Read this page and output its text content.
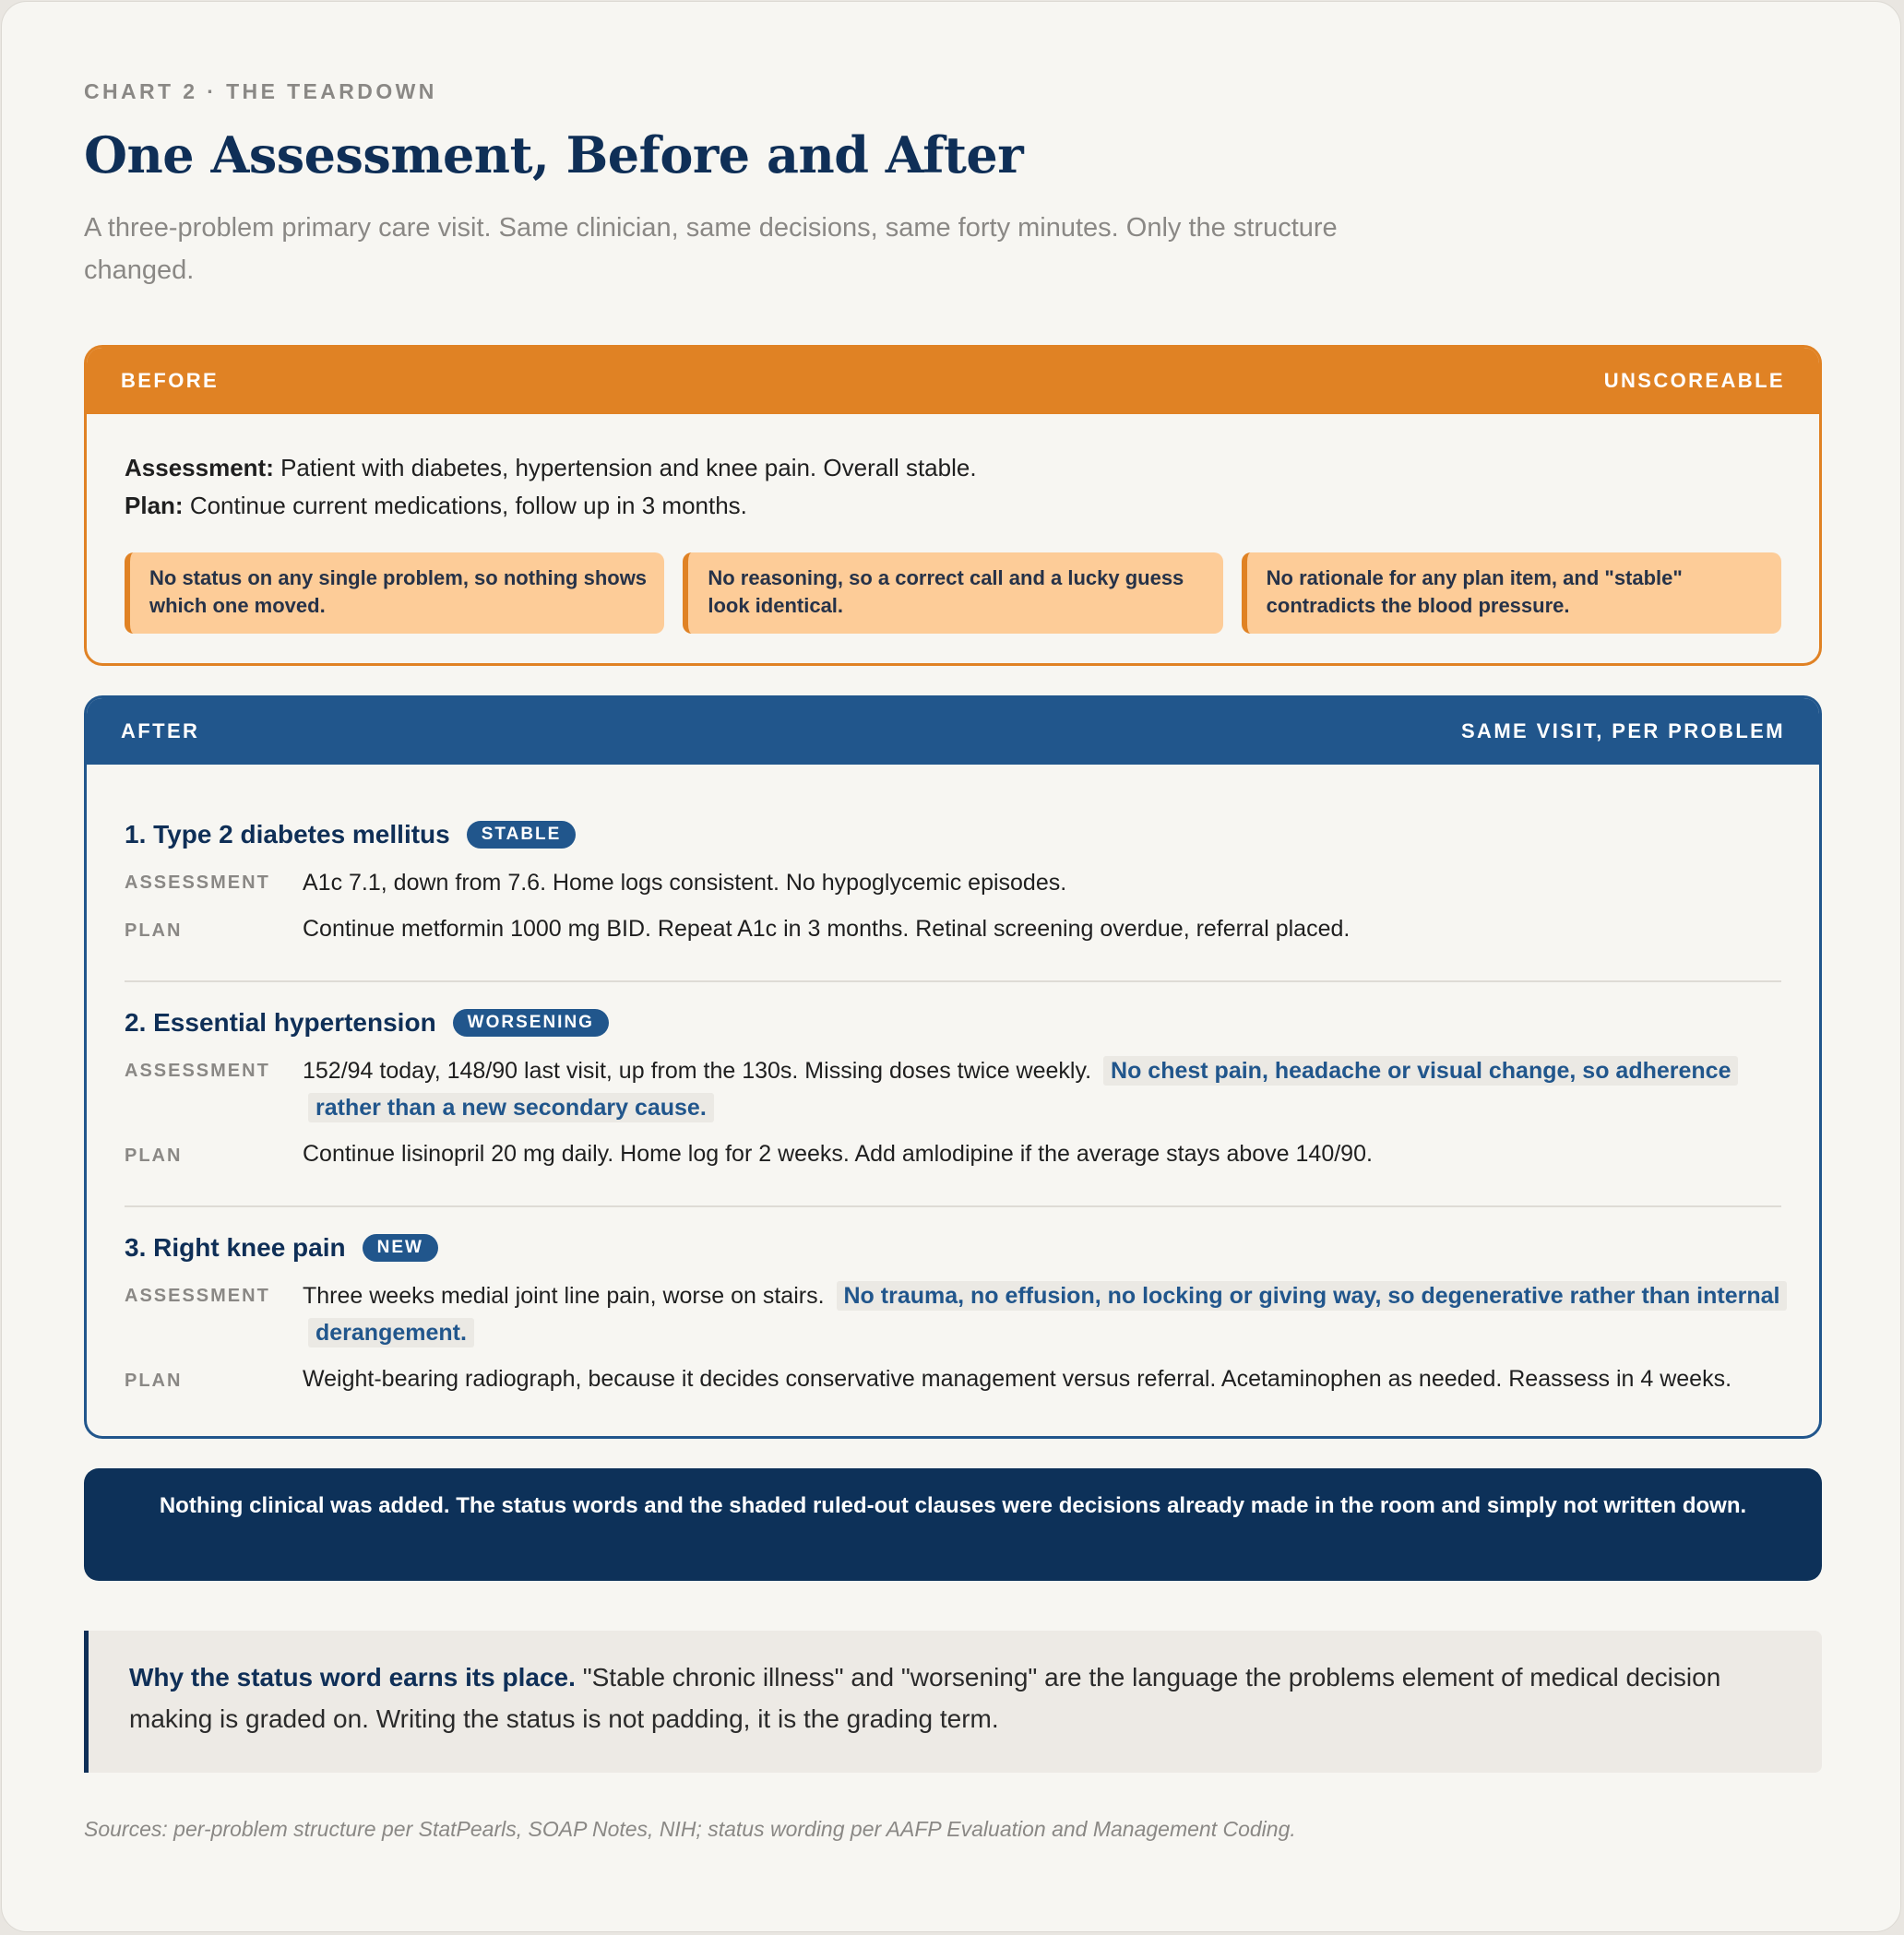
CHART 2 · THE TEARDOWN
One Assessment, Before and After
A three-problem primary care visit. Same clinician, same decisions, same forty minutes. Only the structure changed.
BEFORE	UNSCOREABLE
Assessment: Patient with diabetes, hypertension and knee pain. Overall stable.
Plan: Continue current medications, follow up in 3 months.
No status on any single problem, so nothing shows which one moved.
No reasoning, so a correct call and a lucky guess look identical.
No rationale for any plan item, and "stable" contradicts the blood pressure.
AFTER	SAME VISIT, PER PROBLEM
1. Type 2 diabetes mellitus	STABLE
ASSESSMENT	A1c 7.1, down from 7.6. Home logs consistent. No hypoglycemic episodes.
PLAN	Continue metformin 1000 mg BID. Repeat A1c in 3 months. Retinal screening overdue, referral placed.
2. Essential hypertension	WORSENING
ASSESSMENT	152/94 today, 148/90 last visit, up from the 130s. Missing doses twice weekly. No chest pain, headache or visual change, so adherence rather than a new secondary cause.
PLAN	Continue lisinopril 20 mg daily. Home log for 2 weeks. Add amlodipine if the average stays above 140/90.
3. Right knee pain	NEW
ASSESSMENT	Three weeks medial joint line pain, worse on stairs. No trauma, no effusion, no locking or giving way, so degenerative rather than internal derangement.
PLAN	Weight-bearing radiograph, because it decides conservative management versus referral. Acetaminophen as needed. Reassess in 4 weeks.
Nothing clinical was added. The status words and the shaded ruled-out clauses were decisions already made in the room and simply not written down.
Why the status word earns its place. "Stable chronic illness" and "worsening" are the language the problems element of medical decision making is graded on. Writing the status is not padding, it is the grading term.
Sources: per-problem structure per StatPearls, SOAP Notes, NIH; status wording per AAFP Evaluation and Management Coding.
